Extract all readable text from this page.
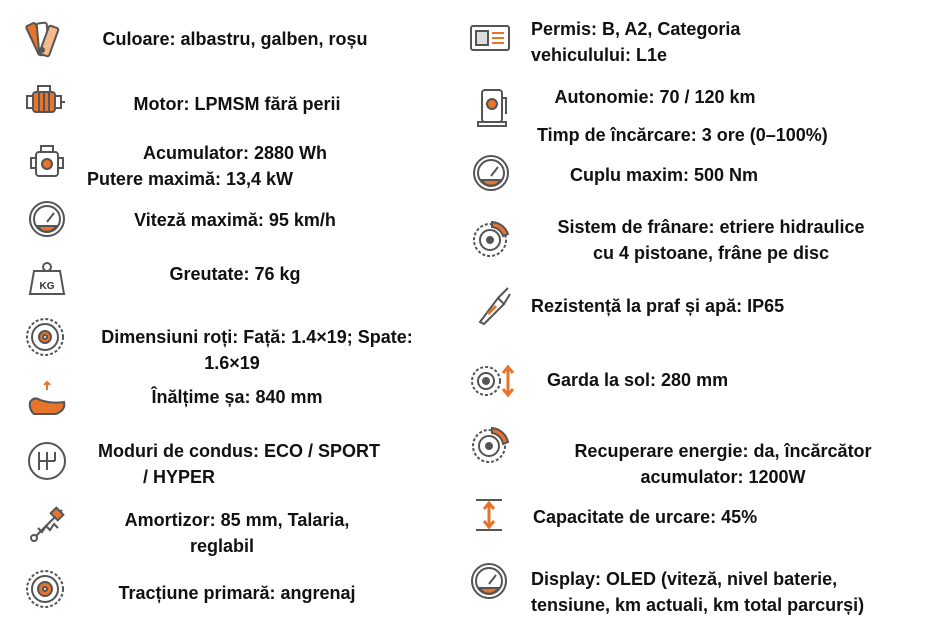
Culoare: albastru, galben, roșu
Motor: LPMSM fără perii
Acumulator: 2880 Wh
Putere maximă: 13,4 kW
Viteză maximă: 95 km/h
KG
Greutate: 76 kg
Dimensiuni roți: Față: 1.4×19; Spate:
1.6×19
Înălțime șa: 840 mm
Moduri de condus: ECO / SPORT
/ HYPER
Amortizor: 85 mm, Talaria,
reglabil
Tracțiune primară: angrenaj
Permis: B, A2, Categoria
vehiculului: L1e
Autonomie: 70 / 120 km
Timp de încărcare: 3 ore (0–100%)
Cuplu maxim: 500 Nm
Sistem de frânare: etriere hidraulice
cu 4 pistoane, frâne pe disc
Rezistență la praf și apă: IP65
Garda la sol: 280 mm
Recuperare energie: da, încărcător
acumulator: 1200W
Capacitate de urcare: 45%
Display: OLED (viteză, nivel baterie,
tensiune, km actuali, km total parcurși)
